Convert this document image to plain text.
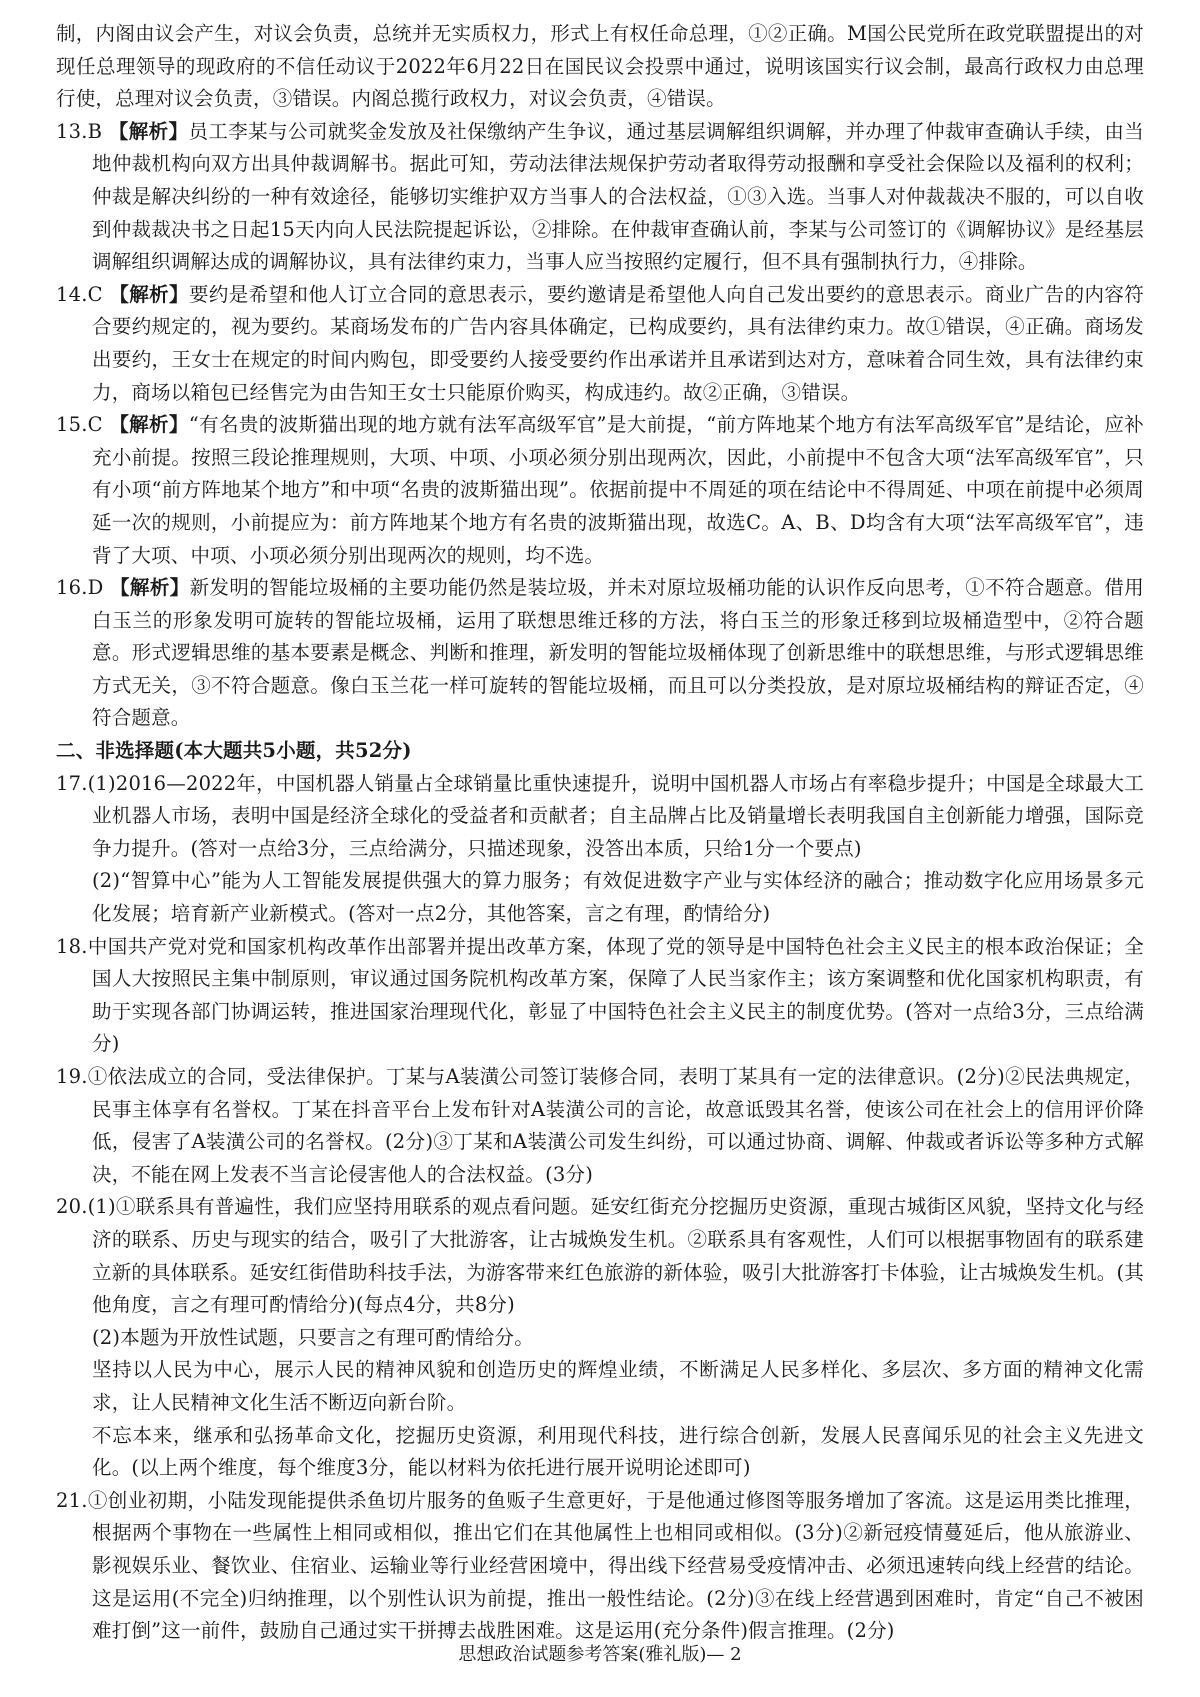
制，内阁由议会产生，对议会负责，总统并无实质权力，形式上有权任命总理，①②正确。M国公民党所在政党联盟提出的对现任总理领导的现政府的不信任动议于2022年6月22日在国民议会投票中通过，说明该国实行议会制，最高行政权力由总理行使，总理对议会负责，③错误。内阁总揽行政权力，对议会负责，④错误。

13.B 【解析】员工李某与公司就奖金发放及社保缴纳产生争议，通过基层调解组织调解，并办理了仲裁审查确认手续，由当地仲裁机构向双方出具仲裁调解书。据此可知，劳动法律法规保护劳动者取得劳动报酬和享受社会保险以及福利的权利；仲裁是解决纠纷的一种有效途径，能够切实维护双方当事人的合法权益，①③入选。当事人对仲裁裁决不服的，可以自收到仲裁裁决书之日起15天内向人民法院提起诉讼，②排除。在仲裁审查确认前，李某与公司签订的《调解协议》是经基层调解组织调解达成的调解协议，具有法律约束力，当事人应当按照约定履行，但不具有强制执行力，④排除。

14.C 【解析】要约是希望和他人订立合同的意思表示，要约邀请是希望他人向自己发出要约的意思表示。商业广告的内容符合要约规定的，视为要约。某商场发布的广告内容具体确定，已构成要约，具有法律约束力。故①错误，④正确。商场发出要约，王女士在规定的时间内购包，即受要约人接受要约作出承诺并且承诺到达对方，意味着合同生效，具有法律约束力，商场以箱包已经售完为由告知王女士只能原价购买，构成违约。故②正确，③错误。

15.C 【解析】“有名贵的波斯猫出现的地方就有法军高级军官”是大前提，“前方阵地某个地方有法军高级军官”是结论，应补充小前提。按照三段论推理规则，大项、中项、小项必须分别出现两次，因此，小前提中不包含大项“法军高级军官”，只有小项“前方阵地某个地方”和中项“名贵的波斯猫出现”。依据前提中不周延的项在结论中不得周延、中项在前提中必须周延一次的规则，小前提应为：前方阵地某个地方有名贵的波斯猫出现，故选C。A、B、D均含有大项“法军高级军官”，违背了大项、中项、小项必须分别出现两次的规则，均不选。

16.D 【解析】新发明的智能垃圾桶的主要功能仍然是装垃圾，并未对原垃圾桶功能的认识作反向思考，①不符合题意。借用白玉兰的形象发明可旋转的智能垃圾桶，运用了联想思维迁移的方法，将白玉兰的形象迁移到垃圾桶造型中，②符合题意。形式逻辑思维的基本要素是概念、判断和推理，新发明的智能垃圾桶体现了创新思维中的联想思维，与形式逻辑思维方式无关，③不符合题意。像白玉兰花一样可旋转的智能垃圾桶，而且可以分类投放，是对原垃圾桶结构的辩证否定，④符合题意。

二、非选择题(本大题共5小题，共52分)

17.(1)2016—2022年，中国机器人销量占全球销量比重快速提升，说明中国机器人市场占有率稳步提升；中国是全球最大工业机器人市场，表明中国是经济全球化的受益者和贡献者；自主品牌占比及销量增长表明我国自主创新能力增强，国际竞争力提升。(答对一点给3分，三点给满分，只描述现象，没答出本质，只给1分一个要点)

(2)“智算中心”能为人工智能发展提供强大的算力服务；有效促进数字产业与实体经济的融合；推动数字化应用场景多元化发展；培育新产业新模式。(答对一点2分，其他答案，言之有理，酌情给分)

18.中国共产党对党和国家机构改革作出部署并提出改革方案，体现了党的领导是中国特色社会主义民主的根本政治保证；全国人大按照民主集中制原则，审议通过国务院机构改革方案，保障了人民当家作主；该方案调整和优化国家机构职责，有助于实现各部门协调运转，推进国家治理现代化，彰显了中国特色社会主义民主的制度优势。(答对一点给3分，三点给满分)

19.①依法成立的合同，受法律保护。丁某与A装潢公司签订装修合同，表明丁某具有一定的法律意识。(2分)②民法典规定，民事主体享有名誉权。丁某在抖音平台上发布针对A装潢公司的言论，故意诋毁其名誉，使该公司在社会上的信用评价降低，侵害了A装潢公司的名誉权。(2分)③丁某和A装潢公司发生纠纷，可以通过协商、调解、仲裁或者诉讼等多种方式解决，不能在网上发表不当言论侵害他人的合法权益。(3分)

20.(1)①联系具有普遍性，我们应坚持用联系的观点看问题。延安红街充分挖掘历史资源，重现古城街区风貌，坚持文化与经济的联系、历史与现实的结合，吸引了大批游客，让古城焕发生机。②联系具有客观性，人们可以根据事物固有的联系建立新的具体联系。延安红街借助科技手法，为游客带来红色旅游的新体验，吸引大批游客打卡体验，让古城焕发生机。(其他角度，言之有理可酌情给分)(每点4分，共8分)

(2)本题为开放性试题，只要言之有理可酌情给分。

坚持以人民为中心，展示人民的精神风貌和创造历史的辉煌业绩，不断满足人民多样化、多层次、多方面的精神文化需求，让人民精神文化生活不断迈向新台阶。

不忘本来，继承和弘扬革命文化，挖掘历史资源，利用现代科技，进行综合创新，发展人民喜闻乐见的社会主义先进文化。(以上两个维度，每个维度3分，能以材料为依托进行展开说明论述即可)

21.①创业初期，小陆发现能提供杀鱼切片服务的鱼贩子生意更好，于是他通过修图等服务增加了客流。这是运用类比推理，根据两个事物在一些属性上相同或相似，推出它们在其他属性上也相同或相似。(3分)②新冠疫情蔓延后，他从旅游业、影视娱乐业、餐饮业、住宿业、运输业等行业经营困境中，得出线下经营易受疫情冲击、必须迅速转向线上经营的结论。这是运用(不完全)归纳推理，以个别性认识为前提，推出一般性结论。(2分)③在线上经营遇到困难时，肯定“自己不被困难打倒”这一前件，鼓励自己通过实干拼搏去战胜困难。这是运用(充分条件)假言推理。(2分)

思想政治试题参考答案(雅礼版)— 2
